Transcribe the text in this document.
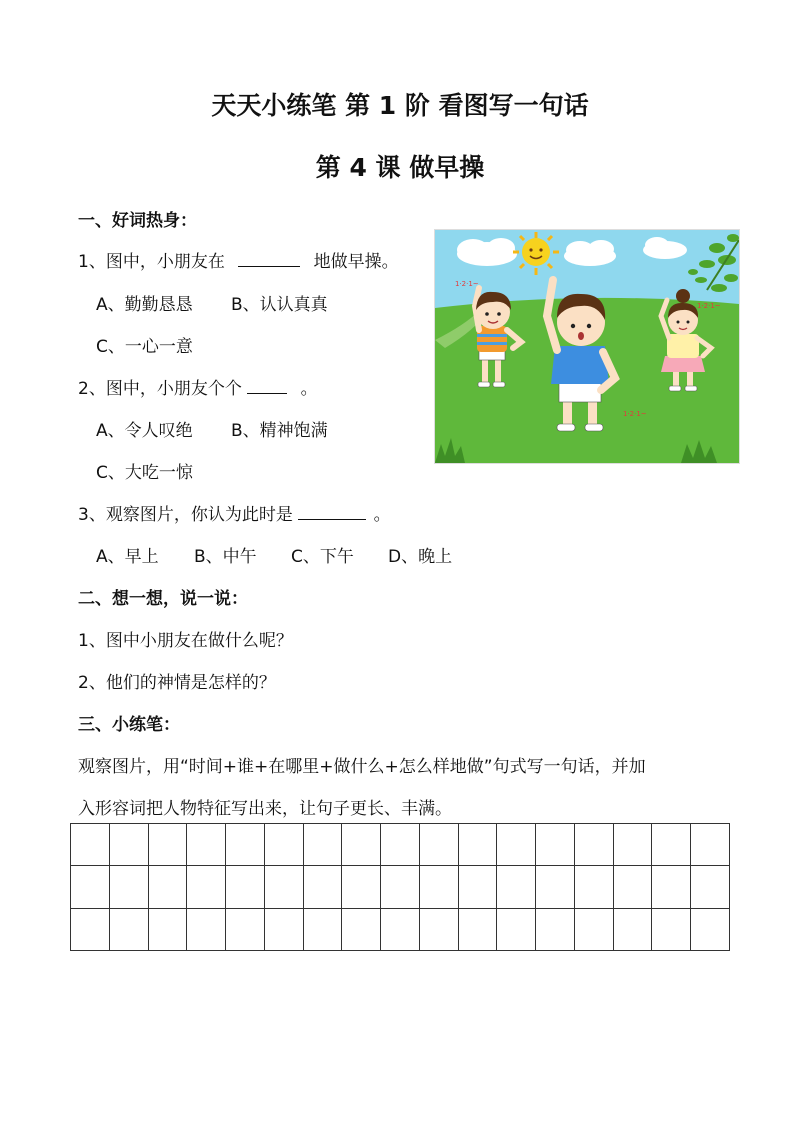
天天小练笔 第 1 阶 看图写一句话
第 4 课 做早操
一、好词热身：
1、图中，小朋友在	地做早操。
A、勤勤恳恳 B、认认真真
C、一心一意
2、图中，小朋友个个	。
A、令人叹绝 B、精神饱满
C、大吃一惊
3、观察图片，你认为此时是	。
A、早上 B、中午 C、下午 D、晚上
1·2·1~
1·2·1~
1·2·1~
二、想一想，说一说：
1、图中小朋友在做什么呢？
2、他们的神情是怎样的？
三、小练笔：
观察图片，用“时间+谁+在哪里+做什么+怎么样地做”句式写一句话，并加
入形容词把人物特征写出来，让句子更长、丰满。
